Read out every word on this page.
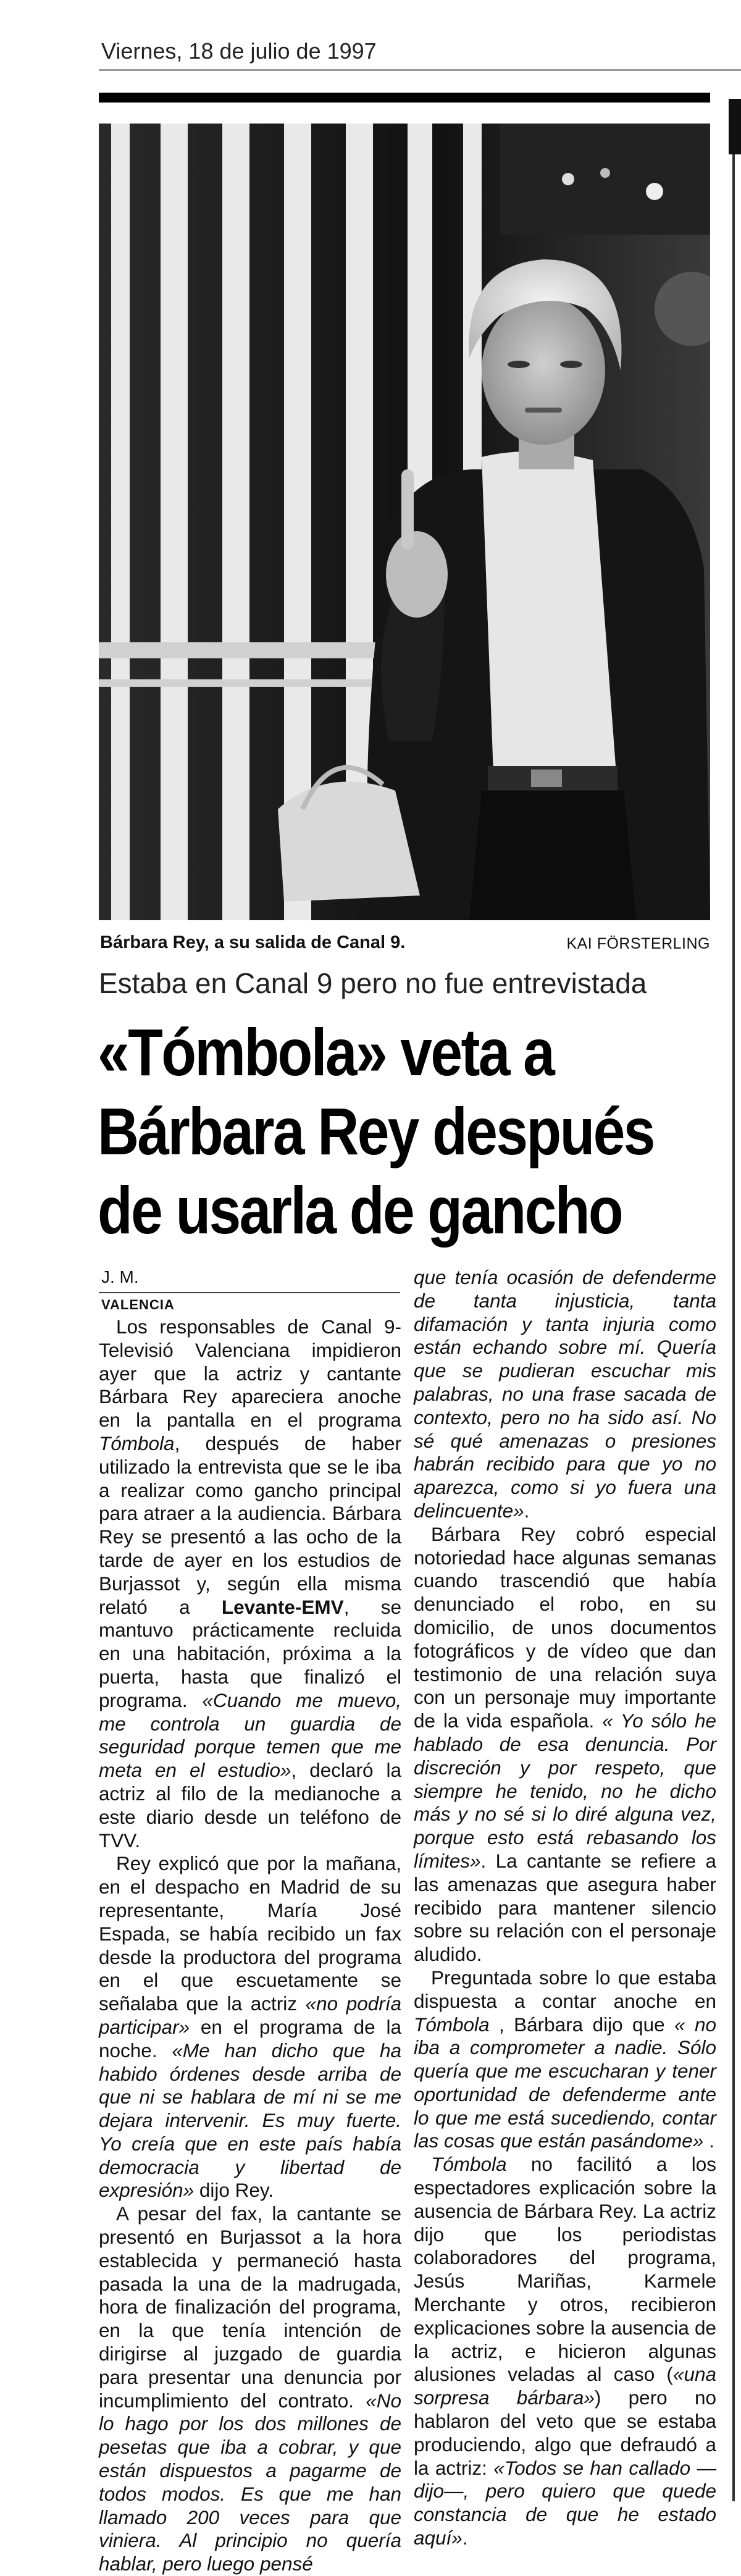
Viernes, 18 de julio de 1997
Bárbara Rey, a su salida de Canal 9.	KAI FÖRSTERLING
Estaba en Canal 9 pero no fue entrevistada
«Tómbola» veta a
Bárbara Rey después
de usarla de gancho
J. M.
VALENCIA

Los responsables de Canal 9-Televisió Valenciana impidieron ayer que la actriz y cantante Bárbara Rey apareciera anoche en la pantalla en el programa Tómbola, después de haber utilizado la entrevista que se le iba a realizar como gancho principal para atraer a la audiencia. Bárbara Rey se presentó a las ocho de la tarde de ayer en los estudios de Burjassot y, según ella misma relató a Levante-EMV, se mantuvo prácticamente recluida en una habitación, próxima a la puerta, hasta que finalizó el programa. «Cuando me muevo, me controla un guardia de seguridad porque temen que me meta en el estudio», declaró la actriz al filo de la medianoche a este diario desde un teléfono de TVV.

Rey explicó que por la mañana, en el despacho en Madrid de su representante, María José Espada, se había recibido un fax desde la productora del programa en el que escuetamente se señalaba que la actriz «no podría participar» en el programa de la noche. «Me han dicho que ha habido órdenes desde arriba de que ni se hablara de mí ni se me dejara intervenir. Es muy fuerte. Yo creía que en este país había democracia y libertad de expresión» dijo Rey.

A pesar del fax, la cantante se presentó en Burjassot a la hora establecida y permaneció hasta pasada la una de la madrugada, hora de finalización del programa, en la que tenía intención de dirigirse al juzgado de guardia para presentar una denuncia por incumplimiento del contrato. «No lo hago por los dos millones de pesetas que iba a cobrar, y que están dispuestos a pagarme de todos modos. Es que me han llamado 200 veces para que viniera. Al principio no quería hablar, pero luego pensé

que tenía ocasión de defenderme de tanta injusticia, tanta difamación y tanta injuria como están echando sobre mí. Quería que se pudieran escuchar mis palabras, no una frase sacada de contexto, pero no ha sido así. No sé qué amenazas o presiones habrán recibido para que yo no aparezca, como si yo fuera una delincuente».

Bárbara Rey cobró especial notoriedad hace algunas semanas cuando trascendió que había denunciado el robo, en su domicilio, de unos documentos fotográficos y de vídeo que dan testimonio de una relación suya con un personaje muy importante de la vida española. « Yo sólo he hablado de esa denuncia. Por discreción y por respeto, que siempre he tenido, no he dicho más y no sé si lo diré alguna vez, porque esto está rebasando los límites». La cantante se refiere a las amenazas que asegura haber recibido para mantener silencio sobre su relación con el personaje aludido.

Preguntada sobre lo que estaba dispuesta a contar anoche en Tómbola , Bárbara dijo que « no iba a comprometer a nadie. Sólo quería que me escucharan y tener oportunidad de defenderme ante lo que me está sucediendo, contar las cosas que están pasándome» .

Tómbola no facilitó a los espectadores explicación sobre la ausencia de Bárbara Rey. La actriz dijo que los periodistas colaboradores del programa, Jesús Mariñas, Karmele Merchante y otros, recibieron explicaciones sobre la ausencia de la actriz, e hicieron algunas alusiones veladas al caso («una sorpresa bárbara») pero no hablaron del veto que se estaba produciendo, algo que defraudó a la actriz: «Todos se han callado —dijo—, pero quiero que quede constancia de que he estado aquí».
